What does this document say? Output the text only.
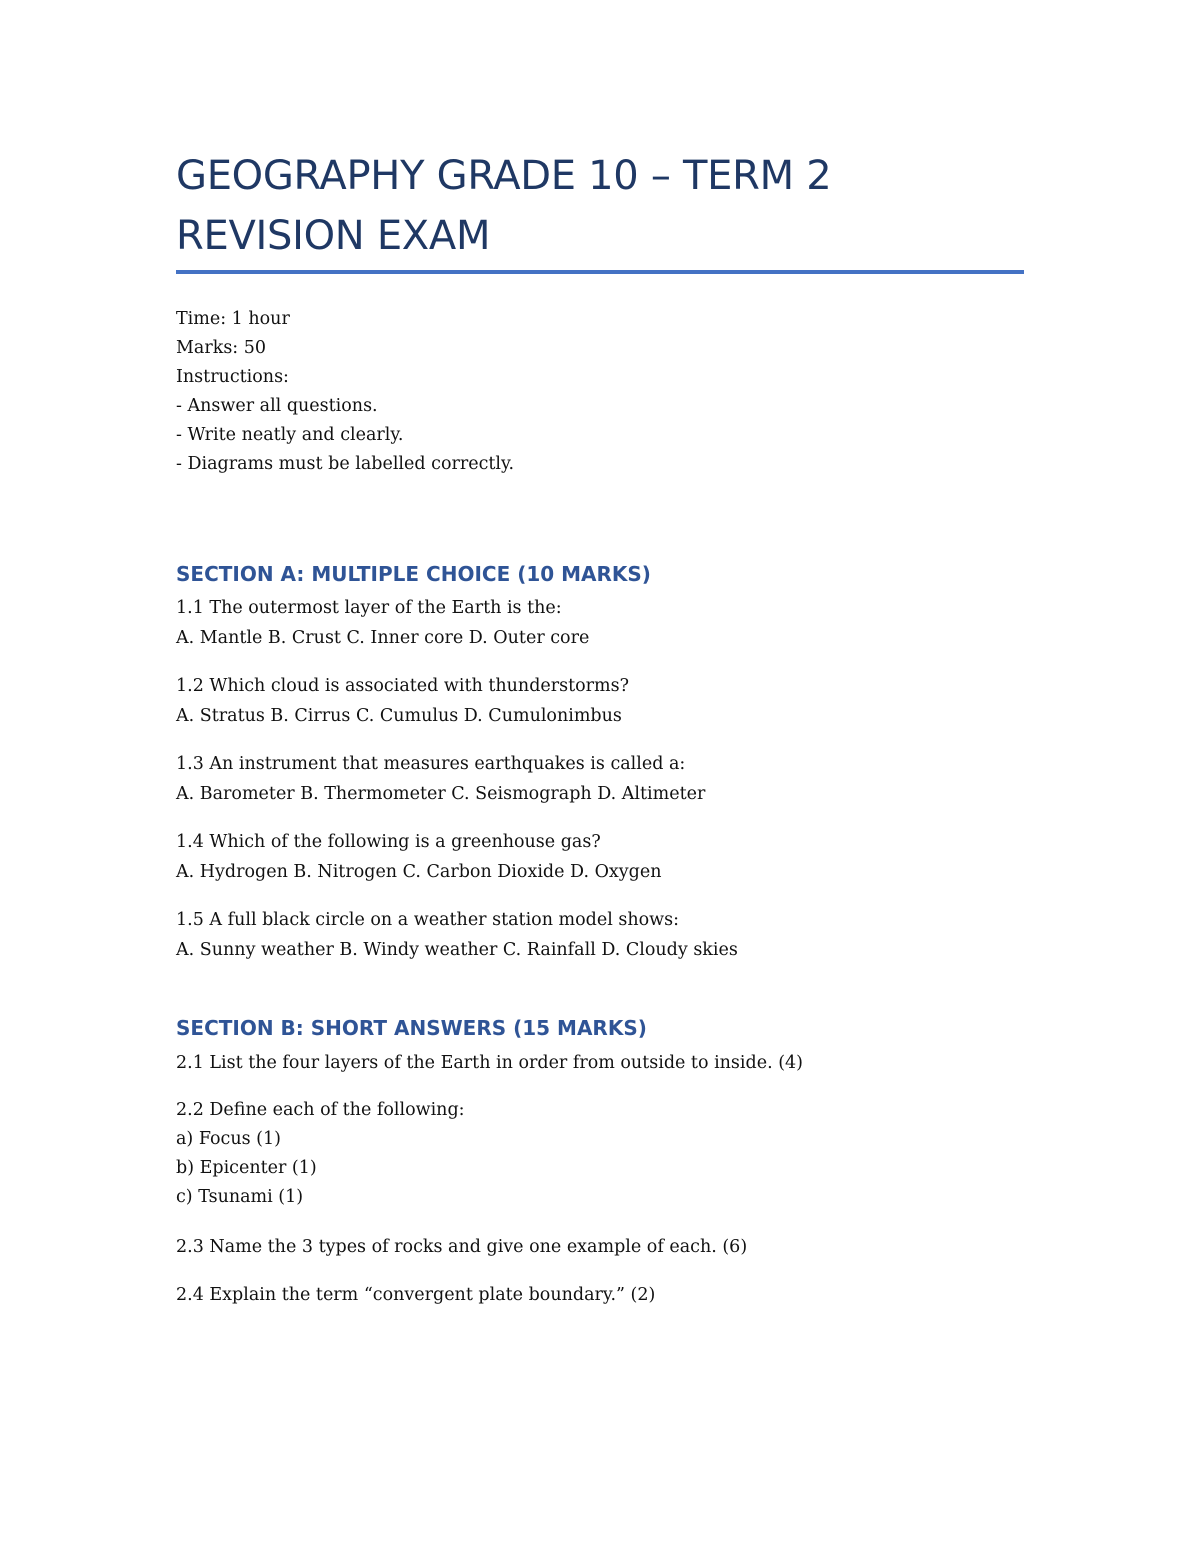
GEOGRAPHY GRADE 10 – TERM 2
REVISION EXAM
Time: 1 hour
Marks: 50
Instructions:
- Answer all questions.
- Write neatly and clearly.
- Diagrams must be labelled correctly.
SECTION A: MULTIPLE CHOICE (10 MARKS)
1.1 The outermost layer of the Earth is the:
A. Mantle B. Crust C. Inner core D. Outer core
1.2 Which cloud is associated with thunderstorms?
A. Stratus B. Cirrus C. Cumulus D. Cumulonimbus
1.3 An instrument that measures earthquakes is called a:
A. Barometer B. Thermometer C. Seismograph D. Altimeter
1.4 Which of the following is a greenhouse gas?
A. Hydrogen B. Nitrogen C. Carbon Dioxide D. Oxygen
1.5 A full black circle on a weather station model shows:
A. Sunny weather B. Windy weather C. Rainfall D. Cloudy skies
SECTION B: SHORT ANSWERS (15 MARKS)
2.1 List the four layers of the Earth in order from outside to inside. (4)
2.2 Define each of the following:
a) Focus (1)
b) Epicenter (1)
c) Tsunami (1)
2.3 Name the 3 types of rocks and give one example of each. (6)
2.4 Explain the term “convergent plate boundary.” (2)
